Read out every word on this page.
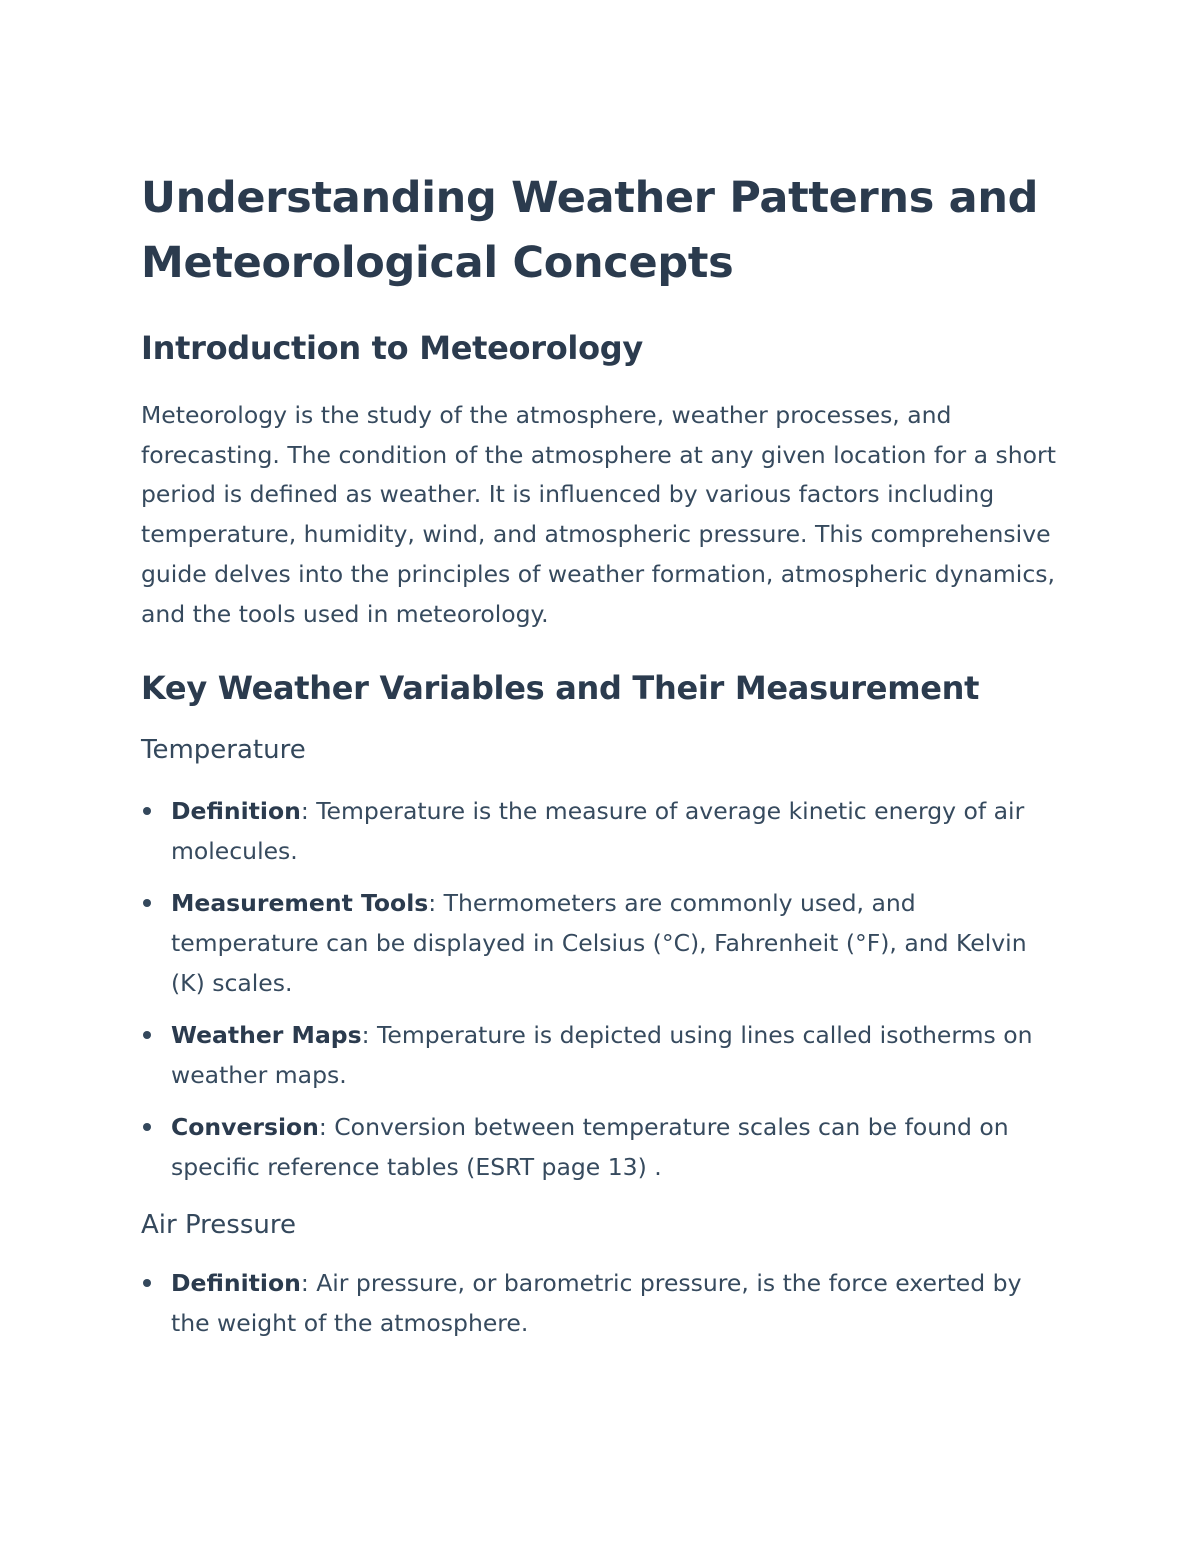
Understanding Weather Patterns and Meteorological Concepts
Introduction to Meteorology

Meteorology is the study of the atmosphere, weather processes, and forecasting. The condition of the atmosphere at any given location for a short period is defined as weather. It is influenced by various factors including temperature, humidity, wind, and atmospheric pressure. This comprehensive guide delves into the principles of weather formation, atmospheric dynamics, and the tools used in meteorology.

Key Weather Variables and Their Measurement
Temperature
Definition: Temperature is the measure of average kinetic energy of air molecules.
Measurement Tools: Thermometers are commonly used, and temperature can be displayed in Celsius (°C), Fahrenheit (°F), and Kelvin (K) scales.
Weather Maps: Temperature is depicted using lines called isotherms on weather maps.
Conversion: Conversion between temperature scales can be found on specific reference tables (ESRT page 13) .
Air Pressure
Definition: Air pressure, or barometric pressure, is the force exerted by the weight of the atmosphere.
